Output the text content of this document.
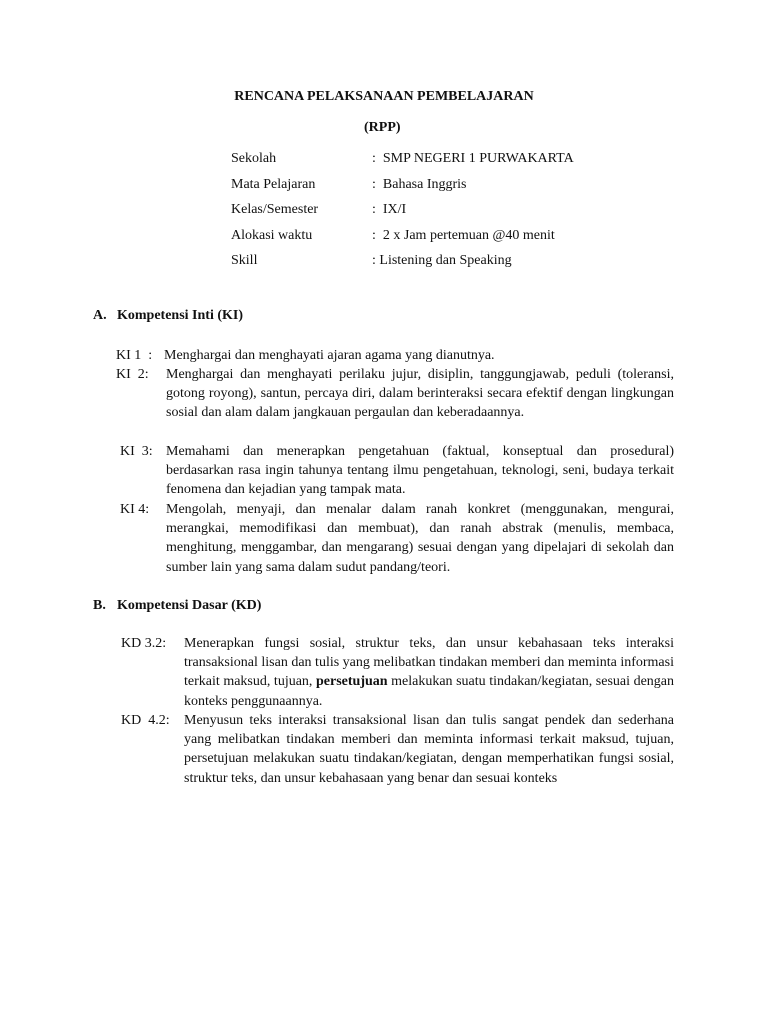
RENCANA PELAKSANAAN PEMBELAJARAN
(RPP)
Sekolah	:  SMP NEGERI 1 PURWAKARTA
Mata Pelajaran	:  Bahasa Inggris
Kelas/Semester	:  IX/I
Alokasi waktu	:  2 x Jam pertemuan @40 menit
Skill	: Listening dan Speaking
A. Kompetensi Inti (KI)
KI 1  : Menghargai dan menghayati ajaran agama yang dianutnya.
KI  2:	Menghargai dan menghayati perilaku jujur, disiplin, tanggungjawab, peduli (toleransi, gotong royong), santun, percaya diri, dalam berinteraksi secara efektif dengan lingkungan sosial dan alam dalam jangkauan pergaulan dan keberadaannya.
KI  3: Memahami dan menerapkan pengetahuan (faktual, konseptual dan prosedural) berdasarkan rasa ingin tahunya tentang ilmu pengetahuan, teknologi, seni, budaya terkait fenomena dan kejadian yang tampak mata.
KI 4:	Mengolah, menyaji, dan menalar dalam ranah konkret (menggunakan, mengurai, merangkai, memodifikasi dan membuat), dan ranah abstrak (menulis, membaca, menghitung, menggambar, dan mengarang) sesuai dengan yang dipelajari di sekolah dan sumber lain yang sama dalam sudut pandang/teori.
B. Kompetensi Dasar (KD)
KD 3.2:	Menerapkan fungsi sosial, struktur teks, dan unsur kebahasaan teks interaksi transaksional lisan dan tulis yang melibatkan tindakan memberi dan meminta informasi terkait maksud, tujuan, persetujuan melakukan suatu tindakan/kegiatan, sesuai dengan konteks penggunaannya.
KD  4.2:	Menyusun teks interaksi transaksional lisan dan tulis sangat pendek dan sederhana yang melibatkan tindakan memberi dan meminta informasi terkait maksud, tujuan, persetujuan melakukan suatu tindakan/kegiatan, dengan memperhatikan fungsi sosial, struktur teks, dan unsur kebahasaan yang benar dan sesuai konteks
